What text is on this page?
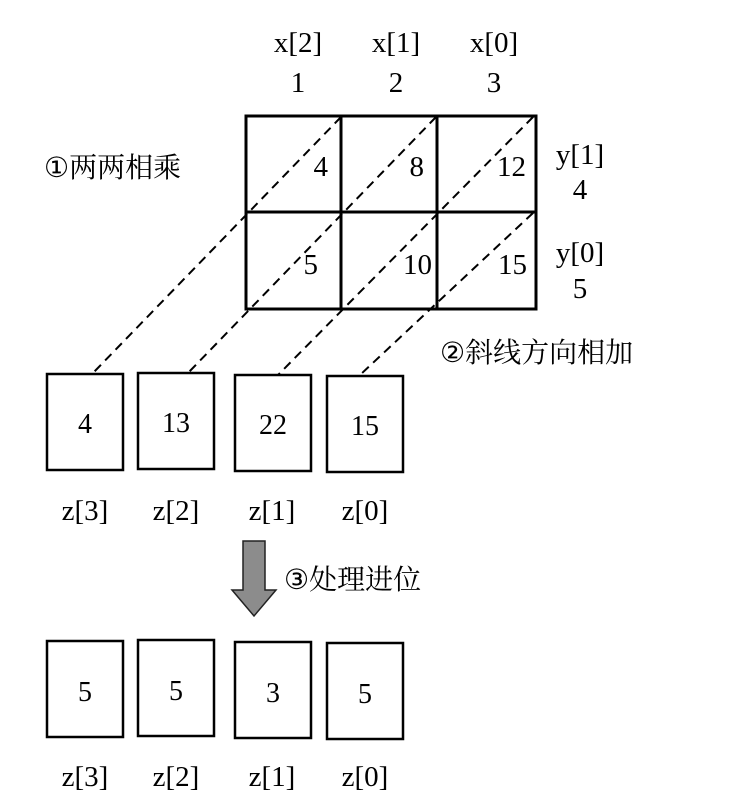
x[2] x[1] x[0]
1	2	3
y[1]
4
y[0]
5
①两两相乘
②斜线方向相加
③处理进位
4	8	12
5	10 15
4	13 22 15
z[3] z[2] z[1] z[0]
5	5	3	5
z[3] z[2] z[1] z[0]
